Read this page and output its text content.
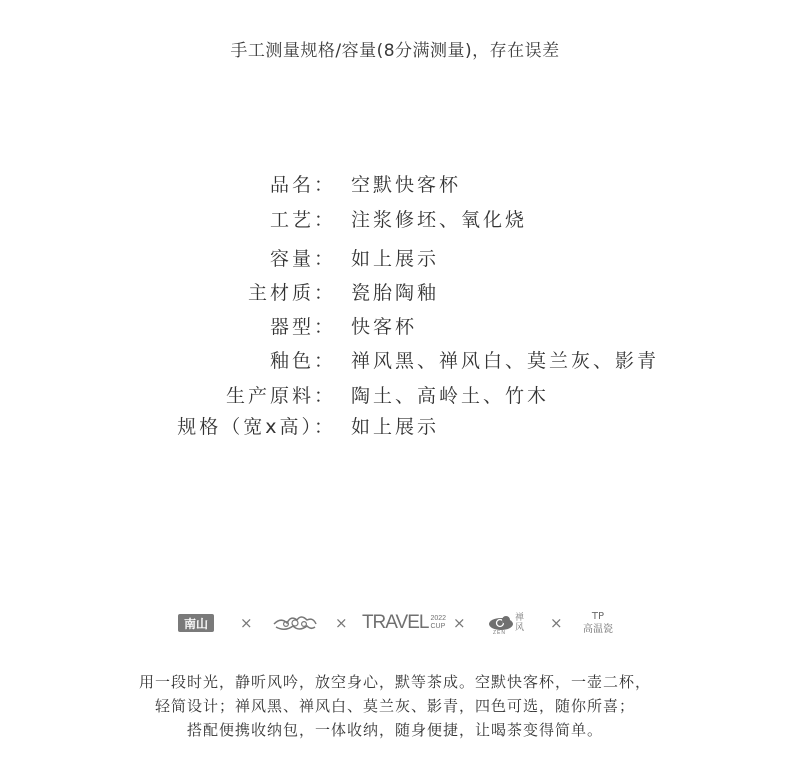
手工测量规格/容量(8分满测量)，存在误差
品名： 空默快客杯
工艺： 注浆修坯、氧化烧
容量： 如上展示
主材质： 瓷胎陶釉
器型： 快客杯
釉色： 禅风黑、禅风白、莫兰灰、影青
生产原料： 陶土、高岭土、竹木
规格（宽x高）： 如上展示
南山	×	× TRAVEL 2022
CUP ×	禅
风
ZEN
×	TP
高温瓷
用一段时光，静听风吟，放空身心，默等茶成。空默快客杯，一壶二杯，
轻简设计；禅风黑、禅风白、莫兰灰、影青，四色可选，随你所喜；
搭配便携收纳包，一体收纳，随身便捷，让喝茶变得简单。
